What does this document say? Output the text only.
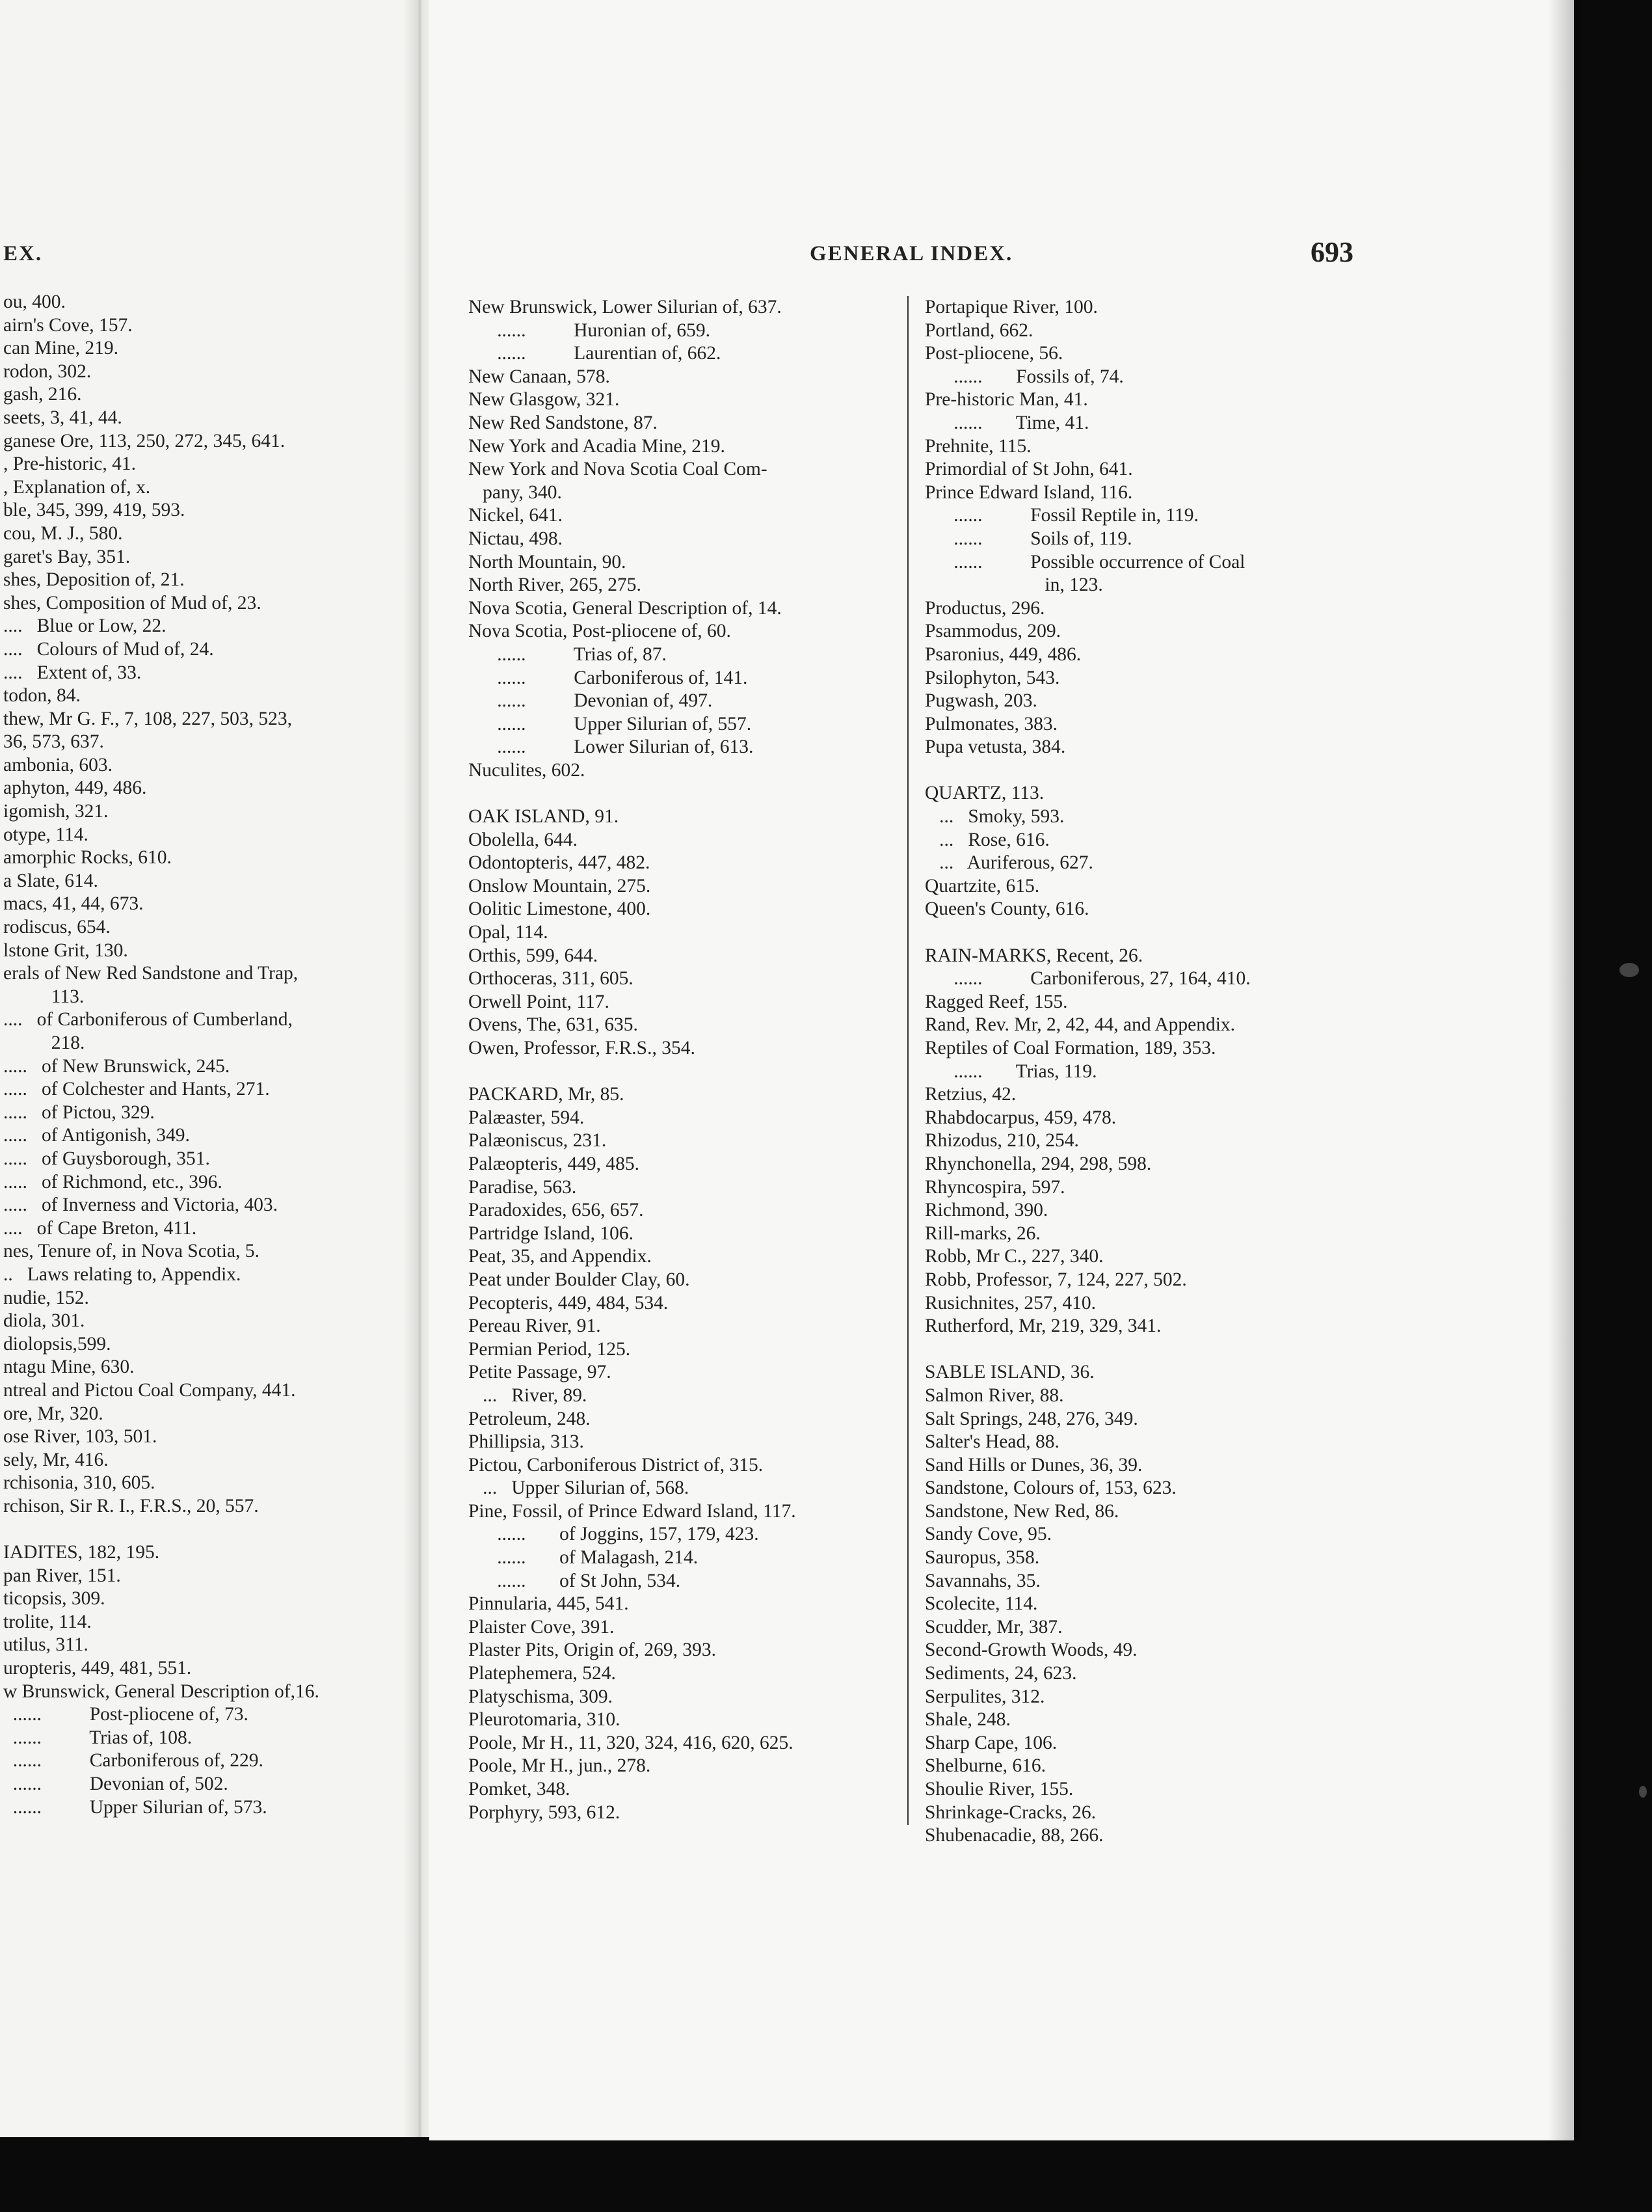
EX.	GENERAL INDEX.	693
ou, 400.
airn's Cove, 157.
can Mine, 219.
rodon, 302.
gash, 216.
seets, 3, 41, 44.
ganese Ore, 113, 250, 272, 345, 641.
, Pre-historic, 41.
, Explanation of, x.
ble, 345, 399, 419, 593.
cou, M. J., 580.
garet's Bay, 351.
shes, Deposition of, 21.
shes, Composition of Mud of, 23.
....   Blue or Low, 22.
....   Colours of Mud of, 24.
....   Extent of, 33.
todon, 84.
thew, Mr G. F., 7, 108, 227, 503, 523,
36, 573, 637.
ambonia, 603.
aphyton, 449, 486.
igomish, 321.
otype, 114.
amorphic Rocks, 610.
a Slate, 614.
macs, 41, 44, 673.
rodiscus, 654.
lstone Grit, 130.
erals of New Red Sandstone and Trap,
113.
....   of Carboniferous of Cumberland,
218.
.....   of New Brunswick, 245.
.....   of Colchester and Hants, 271.
.....   of Pictou, 329.
.....   of Antigonish, 349.
.....   of Guysborough, 351.
.....   of Richmond, etc., 396.
.....   of Inverness and Victoria, 403.
....   of Cape Breton, 411.
nes, Tenure of, in Nova Scotia, 5.
..   Laws relating to, Appendix.
nudie, 152.
diola, 301.
diolopsis,599.
ntagu Mine, 630.
ntreal and Pictou Coal Company, 441.
ore, Mr, 320.
ose River, 103, 501.
sely, Mr, 416.
rchisonia, 310, 605.
rchison, Sir R. I., F.R.S., 20, 557.
IADITES, 182, 195.
pan River, 151.
ticopsis, 309.
trolite, 114.
utilus, 311.
uropteris, 449, 481, 551.
w Brunswick, General Description of,16.
......          Post-pliocene of, 73.
......          Trias of, 108.
......          Carboniferous of, 229.
......          Devonian of, 502.
......          Upper Silurian of, 573.
New Brunswick, Lower Silurian of, 637.
......          Huronian of, 659.
......          Laurentian of, 662.
New Canaan, 578.
New Glasgow, 321.
New Red Sandstone, 87.
New York and Acadia Mine, 219.
New York and Nova Scotia Coal Com-
pany, 340.
Nickel, 641.
Nictau, 498.
North Mountain, 90.
North River, 265, 275.
Nova Scotia, General Description of, 14.
Nova Scotia, Post-pliocene of, 60.
......          Trias of, 87.
......          Carboniferous of, 141.
......          Devonian of, 497.
......          Upper Silurian of, 557.
......          Lower Silurian of, 613.
Nuculites, 602.
OAK ISLAND, 91.
Obolella, 644.
Odontopteris, 447, 482.
Onslow Mountain, 275.
Oolitic Limestone, 400.
Opal, 114.
Orthis, 599, 644.
Orthoceras, 311, 605.
Orwell Point, 117.
Ovens, The, 631, 635.
Owen, Professor, F.R.S., 354.
PACKARD, Mr, 85.
Palæaster, 594.
Palæoniscus, 231.
Palæopteris, 449, 485.
Paradise, 563.
Paradoxides, 656, 657.
Partridge Island, 106.
Peat, 35, and Appendix.
Peat under Boulder Clay, 60.
Pecopteris, 449, 484, 534.
Pereau River, 91.
Permian Period, 125.
Petite Passage, 97.
...   River, 89.
Petroleum, 248.
Phillipsia, 313.
Pictou, Carboniferous District of, 315.
...   Upper Silurian of, 568.
Pine, Fossil, of Prince Edward Island, 117.
......       of Joggins, 157, 179, 423.
......       of Malagash, 214.
......       of St John, 534.
Pinnularia, 445, 541.
Plaister Cove, 391.
Plaster Pits, Origin of, 269, 393.
Platephemera, 524.
Platyschisma, 309.
Pleurotomaria, 310.
Poole, Mr H., 11, 320, 324, 416, 620, 625.
Poole, Mr H., jun., 278.
Pomket, 348.
Porphyry, 593, 612.
Portapique River, 100.
Portland, 662.
Post-pliocene, 56.
......       Fossils of, 74.
Pre-historic Man, 41.
......       Time, 41.
Prehnite, 115.
Primordial of St John, 641.
Prince Edward Island, 116.
......          Fossil Reptile in, 119.
......          Soils of, 119.
......          Possible occurrence of Coal
in, 123.
Productus, 296.
Psammodus, 209.
Psaronius, 449, 486.
Psilophyton, 543.
Pugwash, 203.
Pulmonates, 383.
Pupa vetusta, 384.
QUARTZ, 113.
...   Smoky, 593.
...   Rose, 616.
...   Auriferous, 627.
Quartzite, 615.
Queen's County, 616.
RAIN-MARKS, Recent, 26.
......          Carboniferous, 27, 164, 410.
Ragged Reef, 155.
Rand, Rev. Mr, 2, 42, 44, and Appendix.
Reptiles of Coal Formation, 189, 353.
......       Trias, 119.
Retzius, 42.
Rhabdocarpus, 459, 478.
Rhizodus, 210, 254.
Rhynchonella, 294, 298, 598.
Rhyncospira, 597.
Richmond, 390.
Rill-marks, 26.
Robb, Mr C., 227, 340.
Robb, Professor, 7, 124, 227, 502.
Rusichnites, 257, 410.
Rutherford, Mr, 219, 329, 341.
SABLE ISLAND, 36.
Salmon River, 88.
Salt Springs, 248, 276, 349.
Salter's Head, 88.
Sand Hills or Dunes, 36, 39.
Sandstone, Colours of, 153, 623.
Sandstone, New Red, 86.
Sandy Cove, 95.
Sauropus, 358.
Savannahs, 35.
Scolecite, 114.
Scudder, Mr, 387.
Second-Growth Woods, 49.
Sediments, 24, 623.
Serpulites, 312.
Shale, 248.
Sharp Cape, 106.
Shelburne, 616.
Shoulie River, 155.
Shrinkage-Cracks, 26.
Shubenacadie, 88, 266.
